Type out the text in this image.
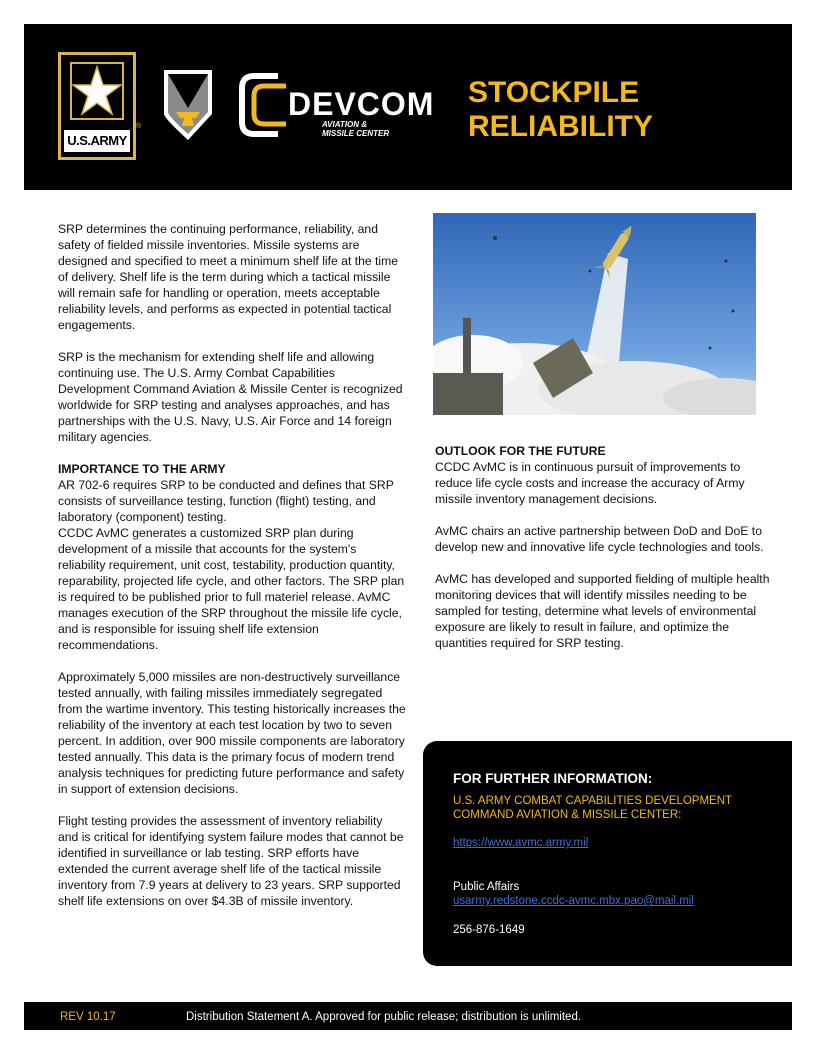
U.S.ARMY
®
DEVCOM
AVIATION &
MISSILE CENTER
STOCKPILE
RELIABILITY

SRP determines the continuing performance, reliability, and safety of fielded missile inventories. Missile systems are designed and specified to meet a minimum shelf life at the time of delivery. Shelf life is the term during which a tactical missile will remain safe for handling or operation, meets acceptable reliability levels, and performs as expected in potential tactical engagements.

SRP is the mechanism for extending shelf life and allowing continuing use. The U.S. Army Combat Capabilities Development Command Aviation & Missile Center is recognized worldwide for SRP testing and analyses approaches, and has partnerships with the U.S. Navy, U.S. Air Force and 14 foreign military agencies.

IMPORTANCE TO THE ARMY
AR 702-6 requires SRP to be conducted and defines that SRP consists of surveillance testing, function (flight) testing, and laboratory (component) testing.

CCDC AvMC generates a customized SRP plan during development of a missile that accounts for the system's reliability requirement, unit cost, testability, production quantity, reparability, projected life cycle, and other factors. The SRP plan is required to be published prior to full materiel release. AvMC manages execution of the SRP throughout the missile life cycle, and is responsible for issuing shelf life extension recommendations.

Approximately 5,000 missiles are non-destructively surveillance tested annually, with failing missiles immediately segregated from the wartime inventory. This testing historically increases the reliability of the inventory at each test location by two to seven percent. In addition, over 900 missile components are laboratory tested annually. This data is the primary focus of modern trend analysis techniques for predicting future performance and safety in support of extension decisions.

Flight testing provides the assessment of inventory reliability and is critical for identifying system failure modes that cannot be identified in surveillance or lab testing. SRP efforts have extended the current average shelf life of the tactical missile inventory from 7.9 years at delivery to 23 years. SRP supported shelf life extensions on over $4.3B of missile inventory.

OUTLOOK FOR THE FUTURE

CCDC AvMC is in continuous pursuit of improvements to reduce life cycle costs and increase the accuracy of Army missile inventory management decisions.

AvMC chairs an active partnership between DoD and DoE to develop new and innovative life cycle technologies and tools.

AvMC has developed and supported fielding of multiple health monitoring devices that will identify missiles needing to be sampled for testing, determine what levels of environmental exposure are likely to result in failure, and optimize the quantities required for SRP testing.

FOR FURTHER INFORMATION:
U.S. ARMY COMBAT CAPABILITIES DEVELOPMENT COMMAND AVIATION & MISSILE CENTER:
https://www.avmc.army.mil
Public Affairs
usarmy.redstone.ccdc-avmc.mbx.pao@mail.mil
256-876-1649
REV 10.17	Distribution Statement A. Approved for public release; distribution is unlimited.
